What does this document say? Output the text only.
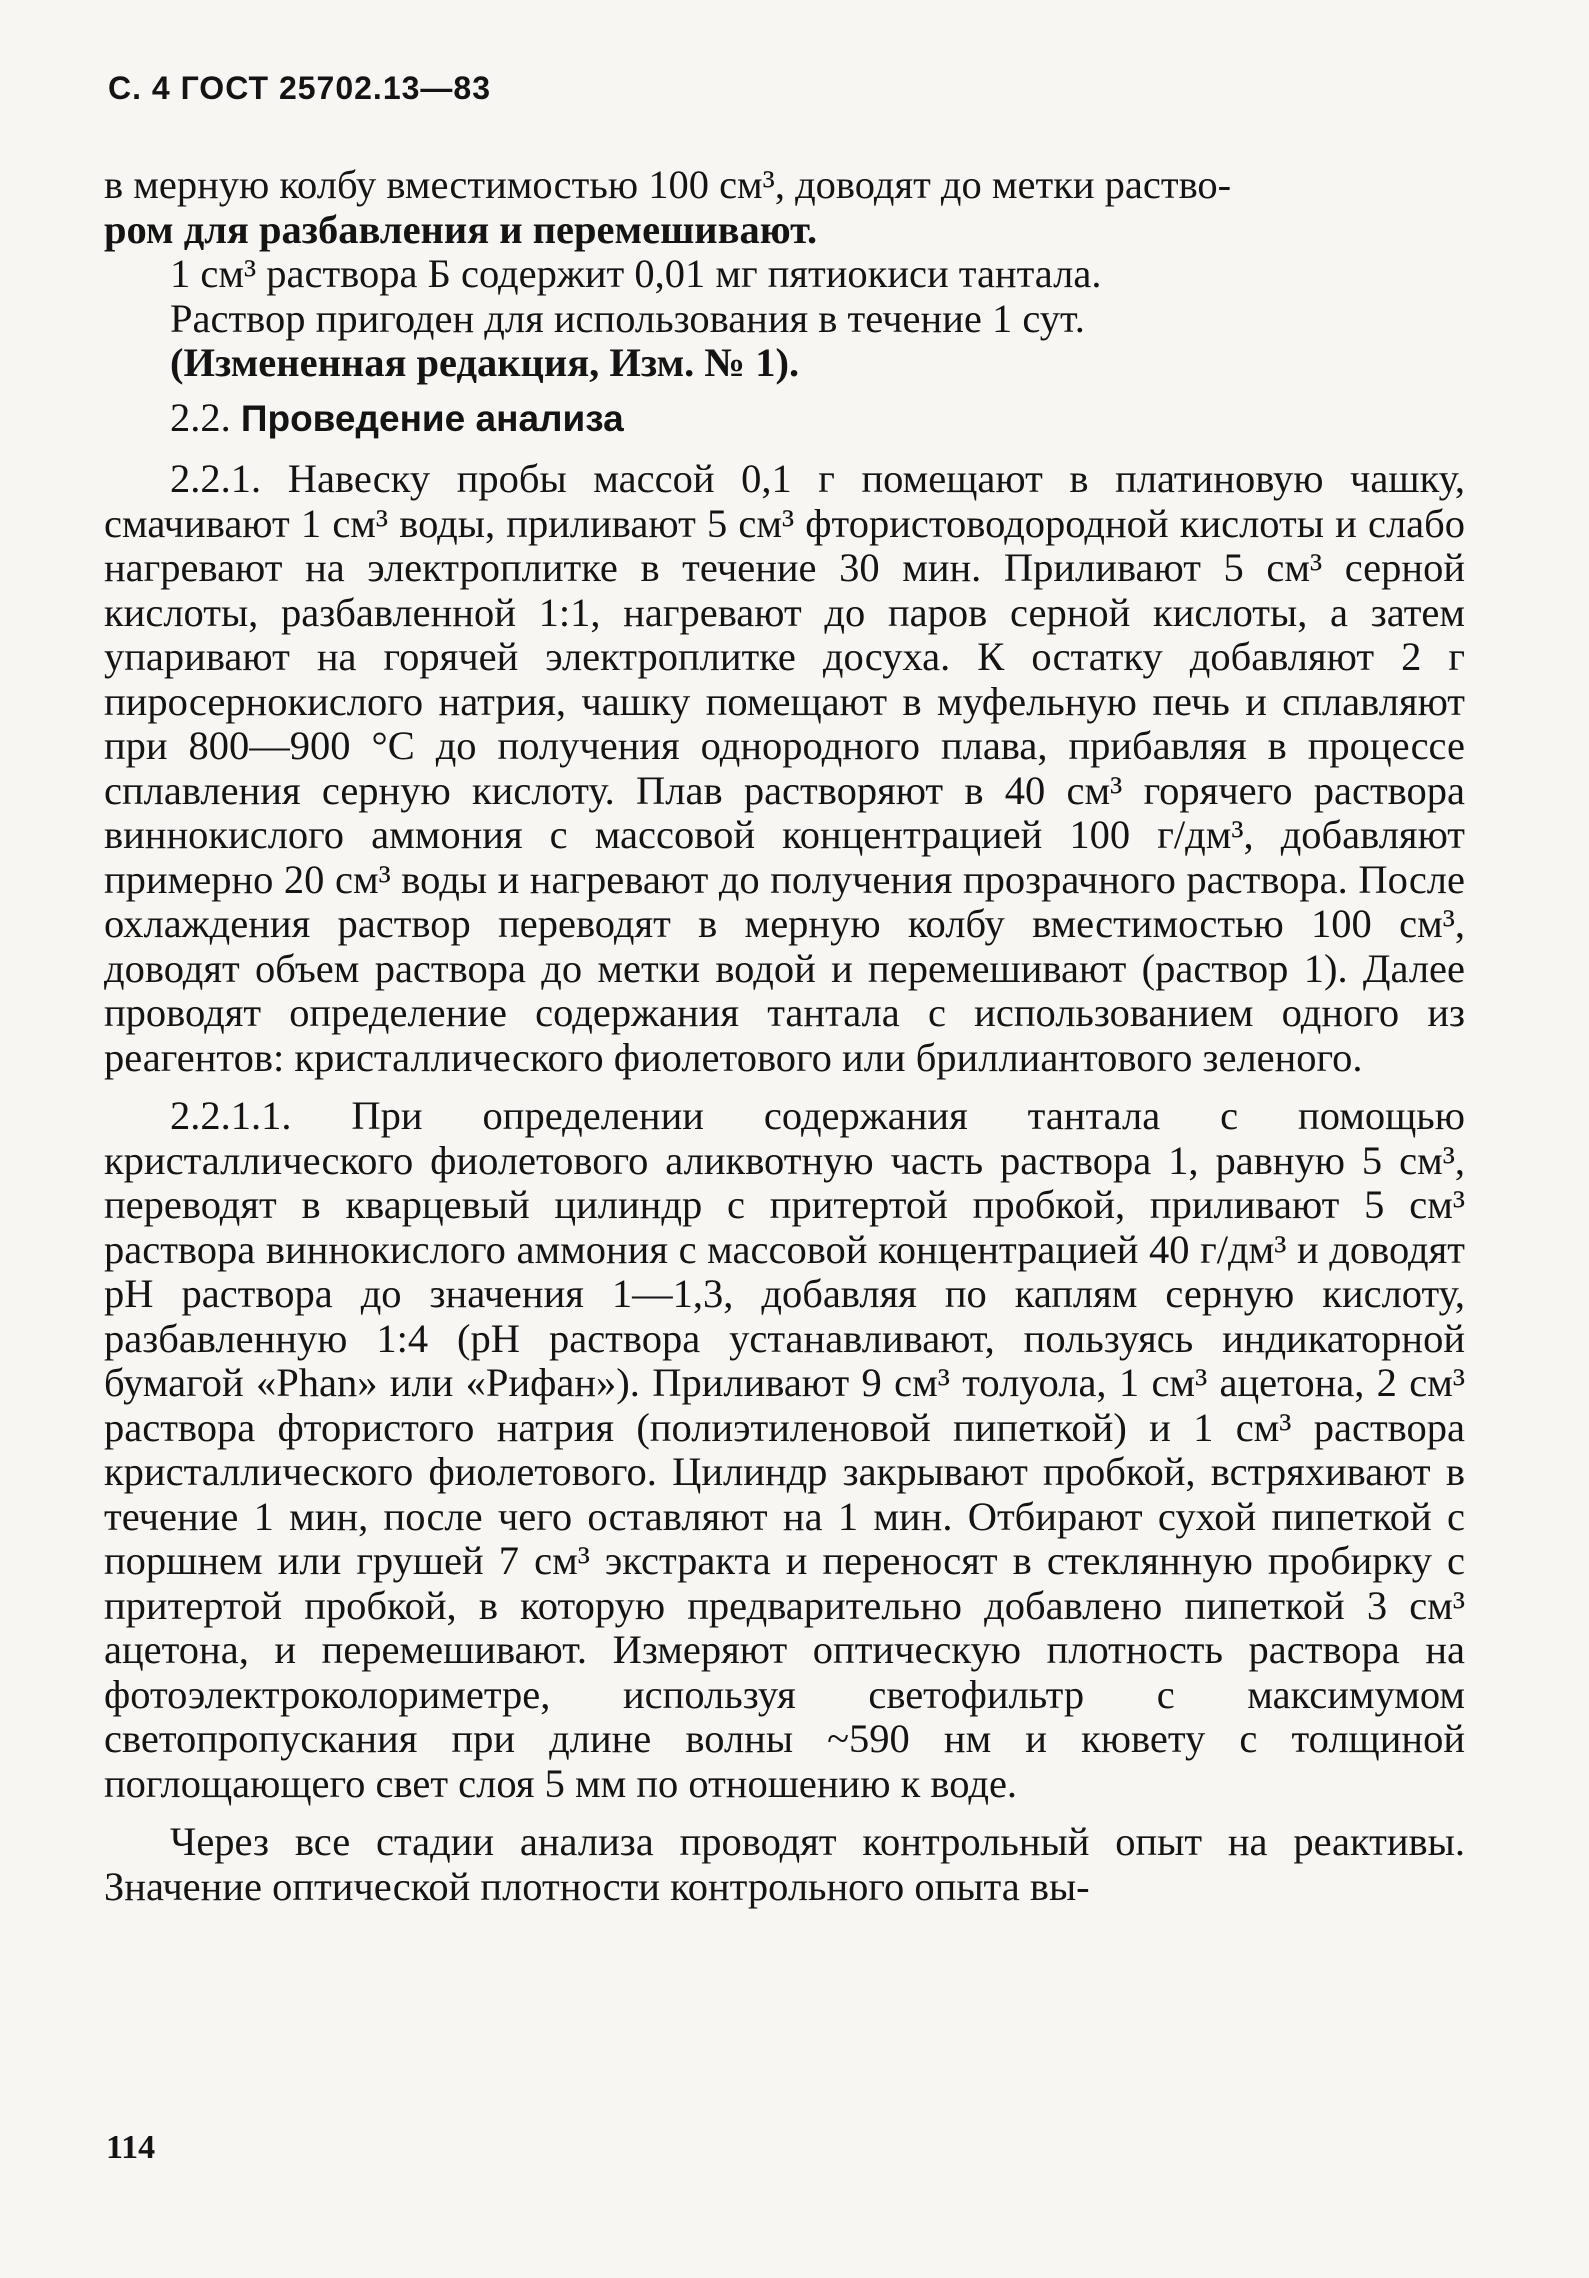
С. 4 ГОСТ 25702.13—83

в мерную колбу вместимостью 100 см³, доводят до метки раство-

ром для разбавления и перемешивают.

1 см³ раствора Б содержит 0,01 мг пятиокиси тантала.

Раствор пригоден для использования в течение 1 сут.

(Измененная редакция, Изм. № 1).

2.2. Проведение анализа

2.2.1. Навеску пробы массой 0,1 г помещают в платиновую чашку, смачивают 1 см³ воды, приливают 5 см³ фтористоводородной кислоты и слабо нагревают на электроплитке в течение 30 мин. Приливают 5 см³ серной кислоты, разбавленной 1:1, нагревают до паров серной кислоты, а затем упаривают на горячей электроплитке досуха. К остатку добавляют 2 г пиросернокислого натрия, чашку помещают в муфельную печь и сплавляют при 800—900 °С до получения однородного плава, прибавляя в процессе сплавления серную кислоту. Плав растворяют в 40 см³ горячего раствора виннокислого аммония с массовой концентрацией 100 г/дм³, добавляют примерно 20 см³ воды и нагревают до получения прозрачного раствора. После охлаждения раствор переводят в мерную колбу вместимостью 100 см³, доводят объем раствора до метки водой и перемешивают (раствор 1). Далее проводят определение содержания тантала с использованием одного из реагентов: кристаллического фиолетового или бриллиантового зеленого.

2.2.1.1. При определении содержания тантала с помощью кристаллического фиолетового аликвотную часть раствора 1, равную 5 см³, переводят в кварцевый цилиндр с притертой пробкой, приливают 5 см³ раствора виннокислого аммония с массовой концентрацией 40 г/дм³ и доводят pH раствора до значения 1—1,3, добавляя по каплям серную кислоту, разбавленную 1:4 (pH раствора устанавливают, пользуясь индикаторной бумагой «Phan» или «Рифан»). Приливают 9 см³ толуола, 1 см³ ацетона, 2 см³ раствора фтористого натрия (полиэтиленовой пипеткой) и 1 см³ раствора кристаллического фиолетового. Цилиндр закрывают пробкой, встряхивают в течение 1 мин, после чего оставляют на 1 мин. Отбирают сухой пипеткой с поршнем или грушей 7 см³ экстракта и переносят в стеклянную пробирку с притертой пробкой, в которую предварительно добавлено пипеткой 3 см³ ацетона, и перемешивают. Измеряют оптическую плотность раствора на фотоэлектроколориметре, используя светофильтр с максимумом светопропускания при длине волны ~590 нм и кювету с толщиной поглощающего свет слоя 5 мм по отношению к воде.

Через все стадии анализа проводят контрольный опыт на реактивы. Значение оптической плотности контрольного опыта вы-

114
